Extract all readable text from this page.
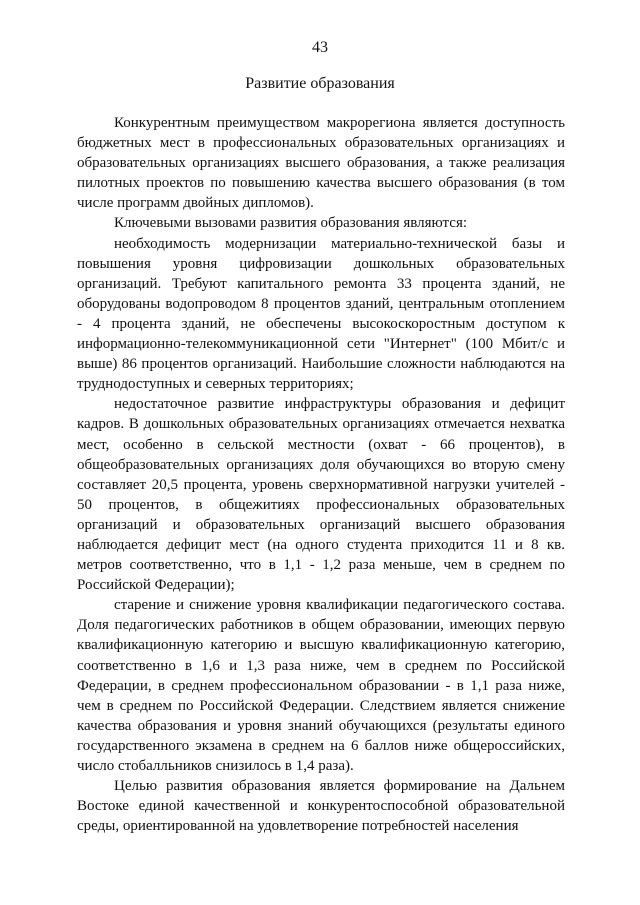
43
Развитие образования

Конкурентным преимуществом макрорегиона является доступность бюджетных мест в профессиональных образовательных организациях и образовательных организациях высшего образования, а также реализация пилотных проектов по повышению качества высшего образования (в том числе программ двойных дипломов).

Ключевыми вызовами развития образования являются:

необходимость модернизации материально-технической базы и повышения уровня цифровизации дошкольных образовательных организаций. Требуют капитального ремонта 33 процента зданий, не оборудованы водопроводом 8 процентов зданий, центральным отоплением - 4 процента зданий, не обеспечены высокоскоростным доступом к информационно-телекоммуникационной сети "Интернет" (100 Мбит/с и выше) 86 процентов организаций. Наибольшие сложности наблюдаются на труднодоступных и северных территориях;

недостаточное развитие инфраструктуры образования и дефицит кадров. В дошкольных образовательных организациях отмечается нехватка мест, особенно в сельской местности (охват - 66 процентов), в общеобразовательных организациях доля обучающихся во вторую смену составляет 20,5 процента, уровень сверхнормативной нагрузки учителей - 50 процентов, в общежитиях профессиональных образовательных организаций и образовательных организаций высшего образования наблюдается дефицит мест (на одного студента приходится 11 и 8 кв. метров соответственно, что в 1,1 - 1,2 раза меньше, чем в среднем по Российской Федерации);

старение и снижение уровня квалификации педагогического состава. Доля педагогических работников в общем образовании, имеющих первую квалификационную категорию и высшую квалификационную категорию, соответственно в 1,6 и 1,3 раза ниже, чем в среднем по Российской Федерации, в среднем профессиональном образовании - в 1,1 раза ниже, чем в среднем по Российской Федерации. Следствием является снижение качества образования и уровня знаний обучающихся (результаты единого государственного экзамена в среднем на 6 баллов ниже общероссийских, число стобалльников снизилось в 1,4 раза).

Целью развития образования является формирование на Дальнем Востоке единой качественной и конкурентоспособной образовательной среды, ориентированной на удовлетворение потребностей населения
